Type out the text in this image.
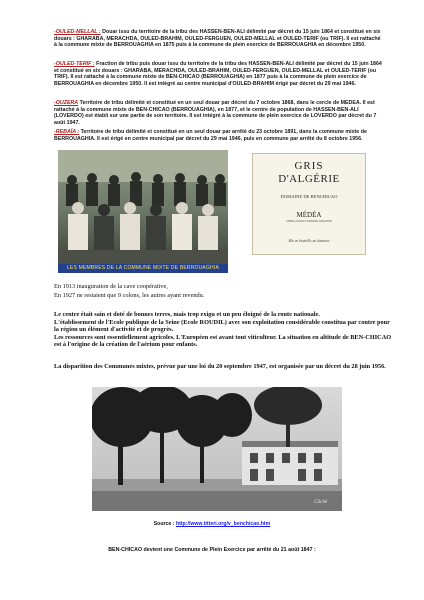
-OULED-MELLAL : Douar issu du territoire de la tribu des HASSEN-BEN-ALI délimité par décret du 15 juin 1864 et constitué en six douars : GHARABA, MERACHDA, OULED-BRAHIM, OULED-FERGUEN, OULED-MELLAL et OULED-TERIF (ou TRIF). Il est rattaché à la commune mixte de BERROUAGHIA en 1875 puis à la commune de plein exercice de BERROUAGHIA en décembre 1950.
-OULED-TERIF : Fraction de tribu puis douar issu du territoire de la tribu des HASSEN-BEN-ALI délimité par décret du 15 juin 1864 et constitué en six douars : GHARABA, MERACHDA, OULED-BRAHIM, OULED-FERGUEN, OULED-MELLAL et OULED-TERIF (ou TRIF). Il est rattaché à la commune mixte de BEN-CHICAO (BERROUAGHIA) en 1877 puis à la commune de plein exercice de BERROUAGHIA en décembre 1950. Il est intégré au centre municipal d'OULED-BRAHIM érigé par décret du 29 mai 1946.
-OUZERA Territoire de tribu délimité et constitué en un seul douar par décret du 7 octobre 1868, dans le cercle de MEDEA. Il est rattaché à la commune mixte de BEN-CHICAO (BERROUAGHIA), en 1877, et le centre de population de HASSEN-BEN-ALI (LOVERDO) est établi sur une partie de son territoire. Il est intégré à la commune de plein exercice de LOVERDO par décret du 7 août 1947.
-REBAÏA : Territoire de tribu délimité et constitué en un seul douar par arrêté du 23 octobre 1891, dans la commune mixte de BERROUAGHIA. Il est érigé en centre municipal par décret du 29 mai 1946, puis en commune par arrêté du 8 octobre 1956.
LES MEMBRES DE LA COMMUNE MIXTE DE BERROUAGHIA
GRIS
D'ALGÉRIE
DOMAINE DE BENCHICAO
MÉDÉA
APPELLATION D'ORIGINE GARANTIE
Mis en bouteille au domaine
En 1913 inauguration de la cave coopérative,
En 1927 ne restaient que 9 colons, les autres ayant revendu.
Le centre était sain et doté de bonnes terres, mais trop exigu et un peu éloigné de la route nationale.
L'établissement de l'Ecole publique de la Seine (Ecole ROUDIL) avec son exploitation considérable constitua par contre pour la région un élément d'activité et de progrès.
Les ressources sont essentiellement agricoles. L'Européen est avant tout viticulteur. La situation en altitude de BEN-CHICAO est à l'origine de la création de l'aérium pour enfants.
La disparition des Communes mixtes, prévue par une loi du 20 septembre 1947, est organisée par un décret du 28 juin 1956.
Cliché
Source : http://www.titteri.org/v_benchicao.htm
BEN-CHICAO devient une Commune de Plein Exercice par arrêté du 21 août 1847 :
